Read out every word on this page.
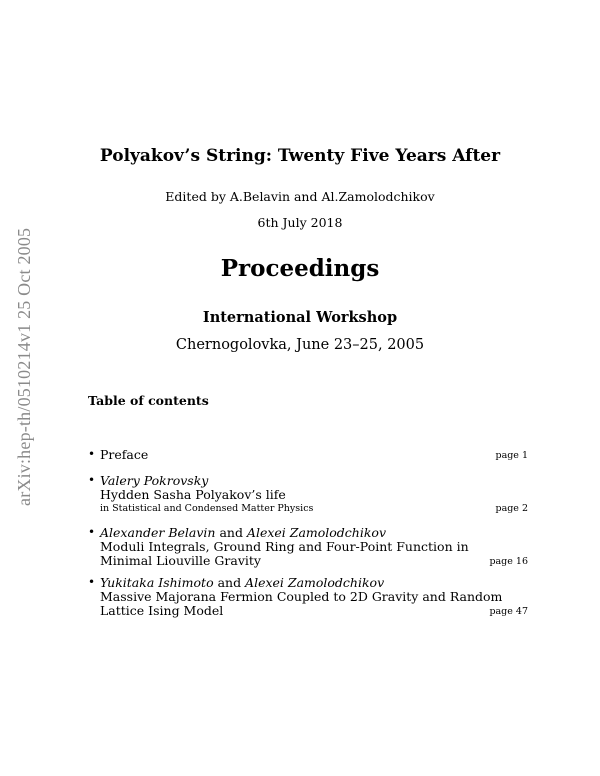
arXiv:hep-th/0510214v1 25 Oct 2005
Polyakov’s String: Twenty Five Years After
Edited by A.Belavin and Al.Zamolodchikov
6th July 2018
Proceedings
International Workshop
Chernogolovka, June 23–25, 2005
Table of contents
• Preface	page 1
• Valery Pokrovsky
Hydden Sasha Polyakov’s life
in Statistical and Condensed Matter Physics	page 2
• Alexander Belavin and Alexei Zamolodchikov
Moduli Integrals, Ground Ring and Four-Point Function in
Minimal Liouville Gravity	page 16
• Yukitaka Ishimoto and Alexei Zamolodchikov
Massive Majorana Fermion Coupled to 2D Gravity and Random
Lattice Ising Model	page 47
